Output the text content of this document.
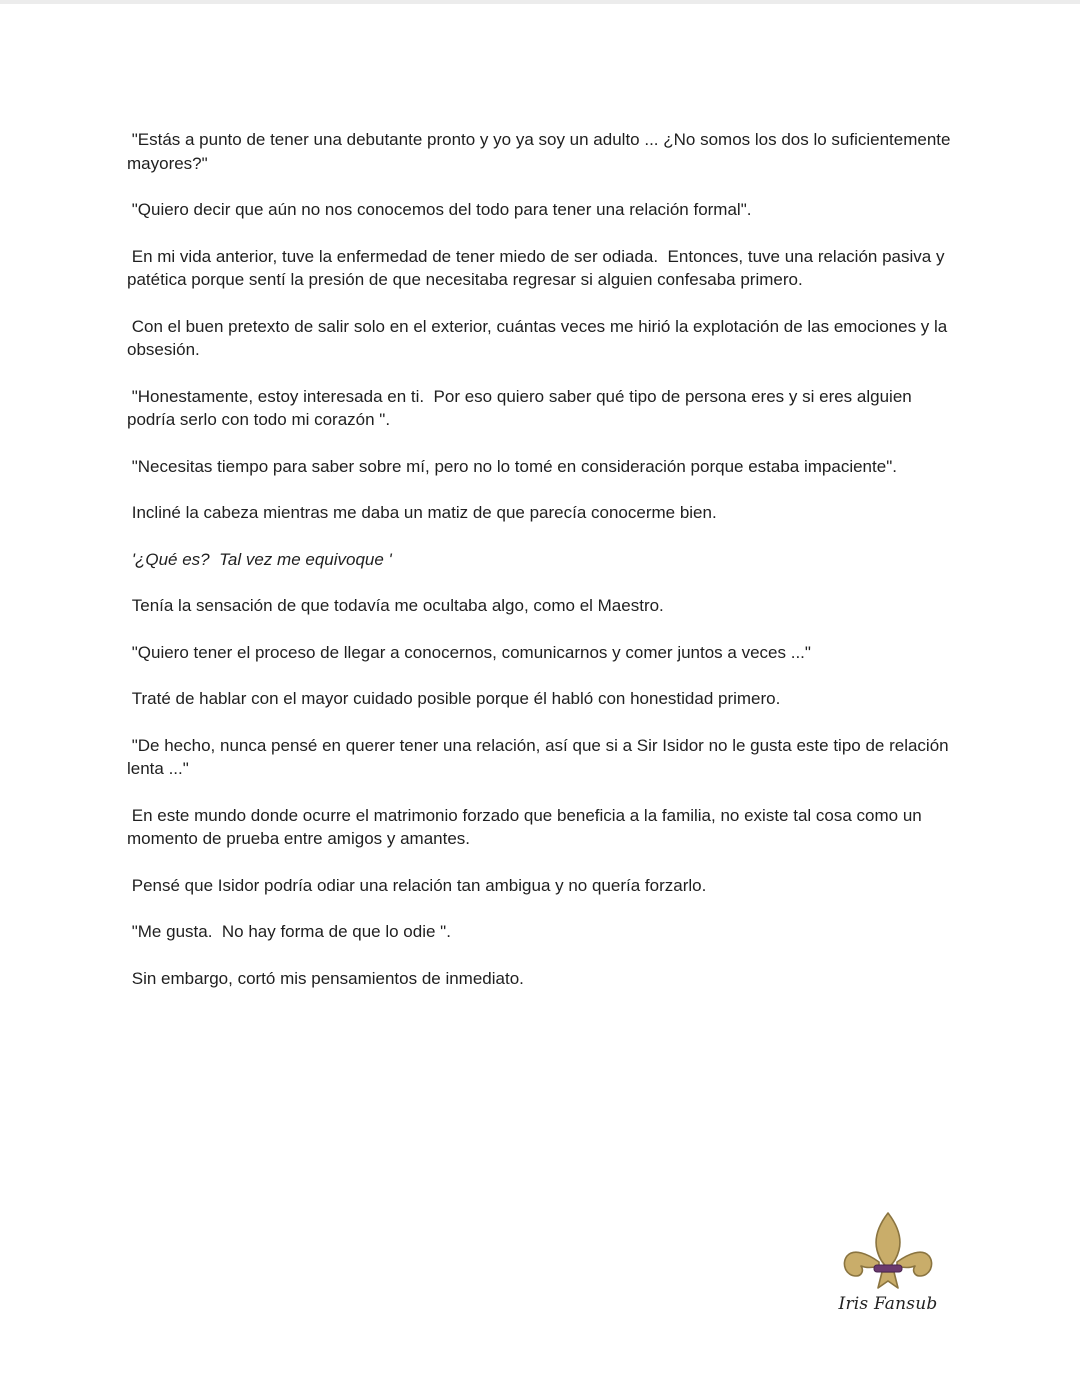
"Estás a punto de tener una debutante pronto y yo ya soy un adulto ... ¿No somos los dos lo suficientemente mayores?"

"Quiero decir que aún no nos conocemos del todo para tener una relación formal".

En mi vida anterior, tuve la enfermedad de tener miedo de ser odiada.  Entonces, tuve una relación pasiva y patética porque sentí la presión de que necesitaba regresar si alguien confesaba primero.

Con el buen pretexto de salir solo en el exterior, cuántas veces me hirió la explotación de las emociones y la obsesión.

"Honestamente, estoy interesada en ti.  Por eso quiero saber qué tipo de persona eres y si eres alguien podría serlo con todo mi corazón ".

"Necesitas tiempo para saber sobre mí, pero no lo tomé en consideración porque estaba impaciente".

Incliné la cabeza mientras me daba un matiz de que parecía conocerme bien.

'¿Qué es?  Tal vez me equivoque '

Tenía la sensación de que todavía me ocultaba algo, como el Maestro.

"Quiero tener el proceso de llegar a conocernos, comunicarnos y comer juntos a veces ..."

Traté de hablar con el mayor cuidado posible porque él habló con honestidad primero.

"De hecho, nunca pensé en querer tener una relación, así que si a Sir Isidor no le gusta este tipo de relación lenta ..."

En este mundo donde ocurre el matrimonio forzado que beneficia a la familia, no existe tal cosa como un momento de prueba entre amigos y amantes.

Pensé que Isidor podría odiar una relación tan ambigua y no quería forzarlo.

"Me gusta.  No hay forma de que lo odie ".

Sin embargo, cortó mis pensamientos de inmediato.

Iris Fansub
